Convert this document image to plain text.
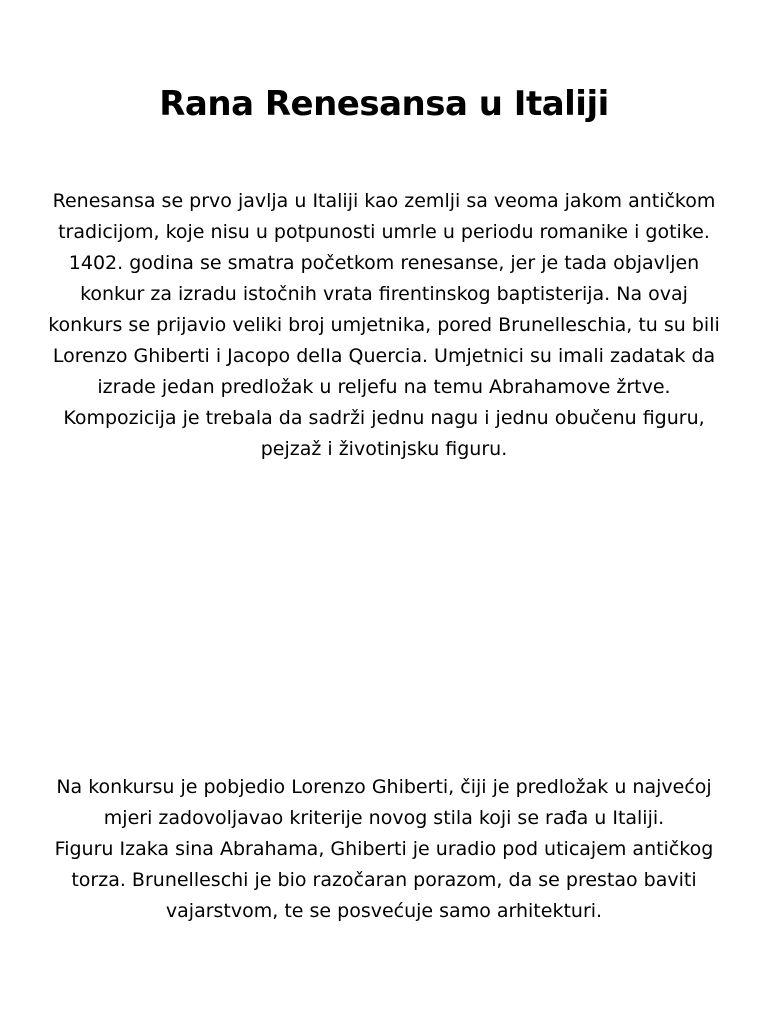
Rana Renesansa u Italiji

Renesansa se prvo javlja u Italiji kao zemlji sa veoma jakom antičkom tradicijom, koje nisu u potpunosti umrle u periodu romanike i gotike.

1402. godina se smatra početkom renesanse, jer je tada objavljen konkur za izradu istočnih vrata firentinskog baptisterija. Na ovaj konkurs se prijavio veliki broj umjetnika, pored Brunelleschia, tu su bili Lorenzo Ghiberti i Jacopo delIa Quercia. Umjetnici su imali zadatak da izrade jedan predložak u reljefu na temu Abrahamove žrtve. Kompozicija je trebala da sadrži jednu nagu i jednu obučenu figuru, pejzaž i životinjsku figuru.

Na konkursu je pobjedio Lorenzo Ghiberti, čiji je predložak u najvećoj mjeri zadovoljavao kriterije novog stila koji se rađa u Italiji.

Figuru Izaka sina Abrahama, Ghiberti je uradio pod uticajem antičkog torza. Brunelleschi je bio razočaran porazom, da se prestao baviti vajarstvom, te se posvećuje samo arhitekturi.
